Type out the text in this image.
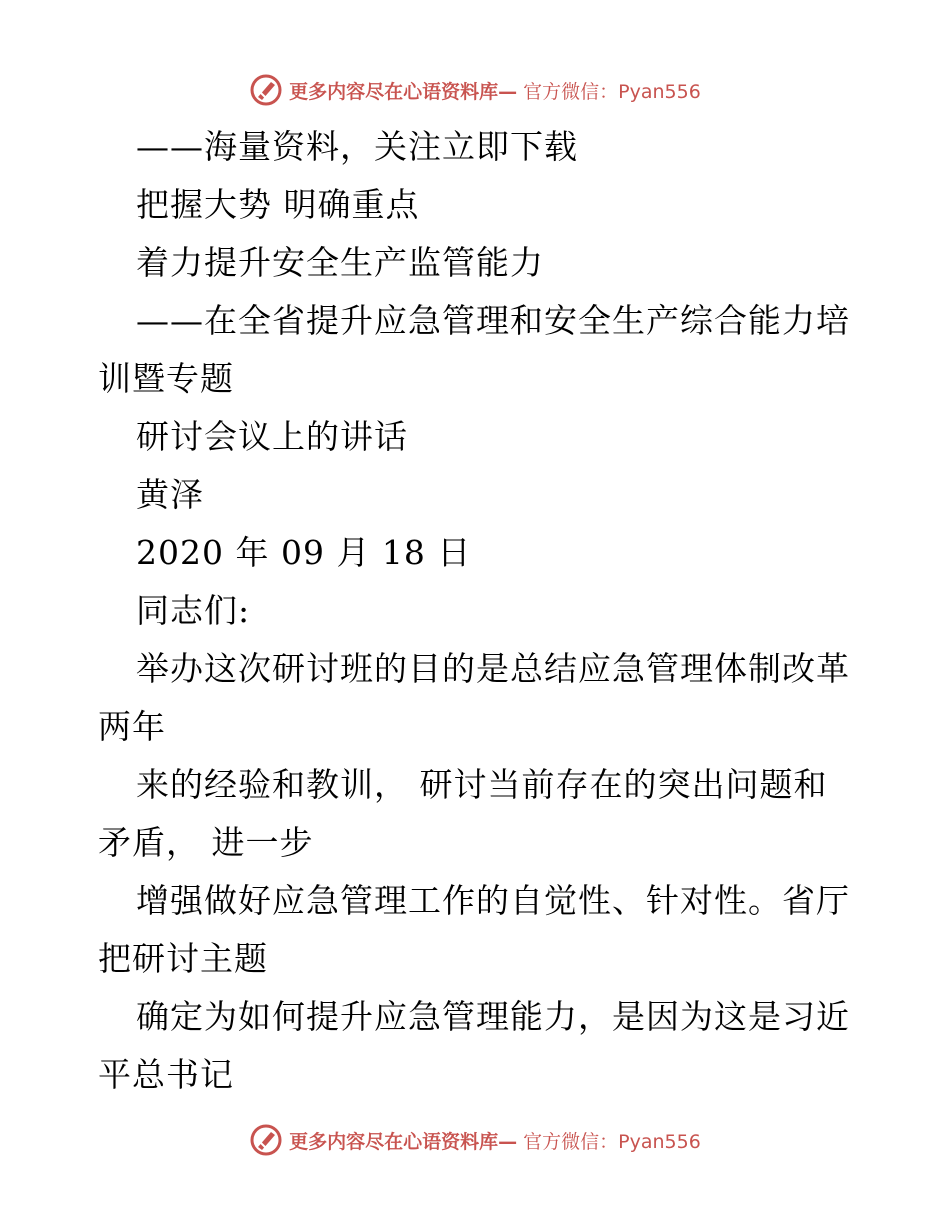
更多内容尽在心语资料库— 官方微信：Pyan556
——海量资料，关注立即下载
把握大势 明确重点
着力提升安全生产监管能力
——在全省提升应急管理和安全生产综合能力培
训暨专题
研讨会议上的讲话
黄泽
2020 年 09 月 18 日
同志们:
举办这次研讨班的目的是总结应急管理体制改革
两年
来的经验和教训， 研讨当前存在的突出问题和
矛盾， 进一步
增强做好应急管理工作的自觉性、针对性。省厅
把研讨主题
确定为如何提升应急管理能力，是因为这是习近
平总书记
更多内容尽在心语资料库— 官方微信：Pyan556
